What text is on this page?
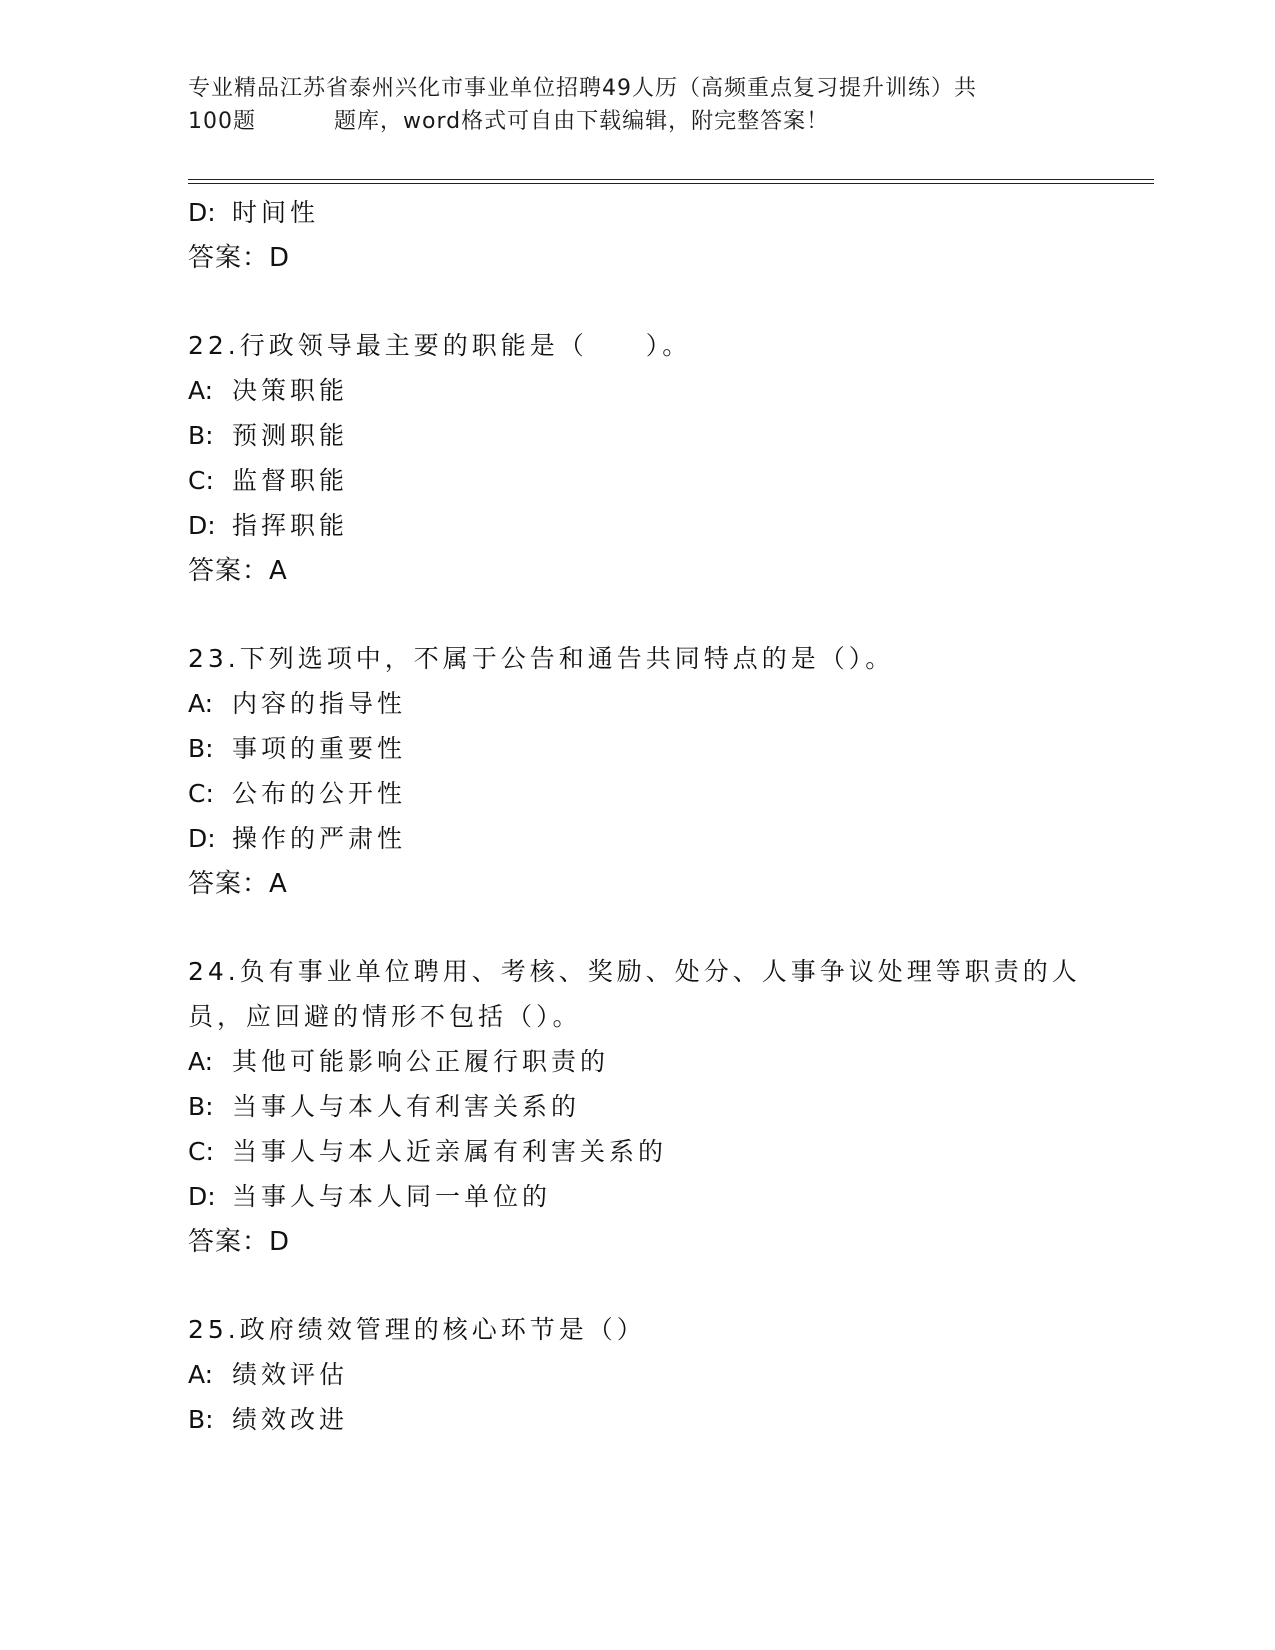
专业精品江苏省泰州兴化市事业单位招聘49人历（高频重点复习提升训练）共
100题	题库，word格式可自由下载编辑，附完整答案！
D: 时间性
答案：D
22.行政领导最主要的职能是（　　）。
A: 决策职能
B: 预测职能
C: 监督职能
D: 指挥职能
答案：A
23.下列选项中，不属于公告和通告共同特点的是（）。
A: 内容的指导性
B: 事项的重要性
C: 公布的公开性
D: 操作的严肃性
答案：A
24.负有事业单位聘用、考核、奖励、处分、人事争议处理等职责的人
员，应回避的情形不包括（）。
A: 其他可能影响公正履行职责的
B: 当事人与本人有利害关系的
C: 当事人与本人近亲属有利害关系的
D: 当事人与本人同一单位的
答案：D
25.政府绩效管理的核心环节是（）
A: 绩效评估
B: 绩效改进
